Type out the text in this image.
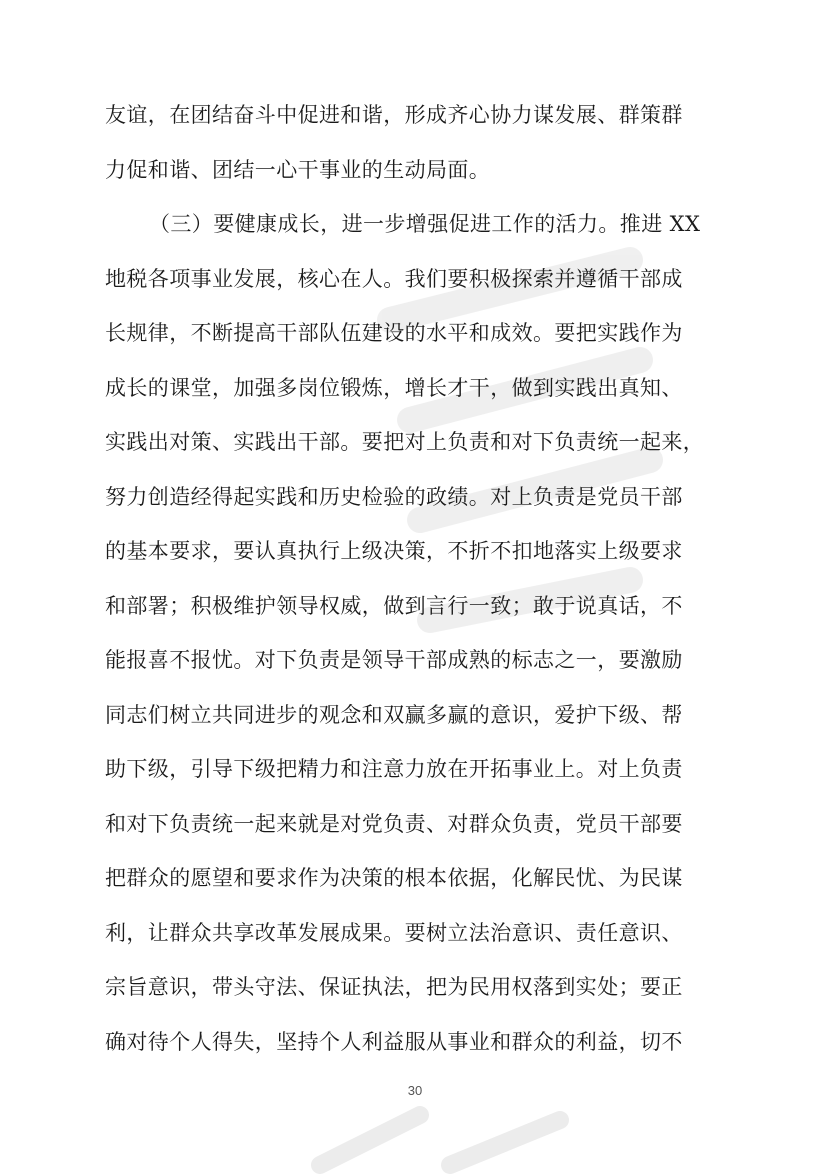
友谊，在团结奋斗中促进和谐，形成齐心协力谋发展、群策群
力促和谐、团结一心干事业的生动局面。
（三）要健康成长，进一步增强促进工作的活力。推进 XX
地税各项事业发展，核心在人。我们要积极探索并遵循干部成
长规律，不断提高干部队伍建设的水平和成效。要把实践作为
成长的课堂，加强多岗位锻炼，增长才干，做到实践出真知、
实践出对策、实践出干部。要把对上负责和对下负责统一起来，
努力创造经得起实践和历史检验的政绩。对上负责是党员干部
的基本要求，要认真执行上级决策，不折不扣地落实上级要求
和部署；积极维护领导权威，做到言行一致；敢于说真话，不
能报喜不报忧。对下负责是领导干部成熟的标志之一，要激励
同志们树立共同进步的观念和双赢多赢的意识，爱护下级、帮
助下级，引导下级把精力和注意力放在开拓事业上。对上负责
和对下负责统一起来就是对党负责、对群众负责，党员干部要
把群众的愿望和要求作为决策的根本依据，化解民忧、为民谋
利，让群众共享改革发展成果。要树立法治意识、责任意识、
宗旨意识，带头守法、保证执法，把为民用权落到实处；要正
确对待个人得失，坚持个人利益服从事业和群众的利益，切不
30
